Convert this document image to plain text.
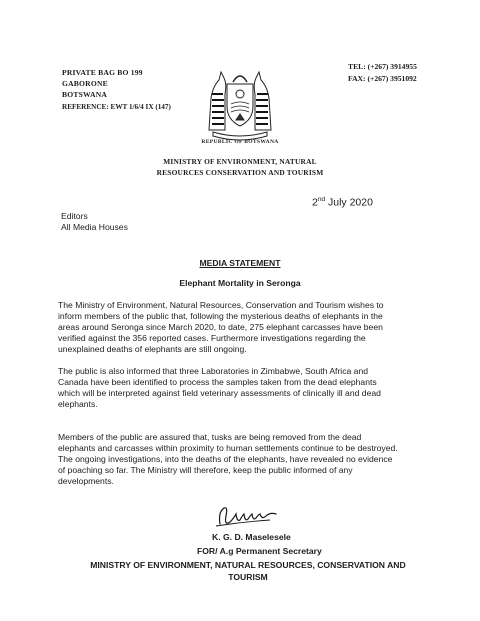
PRIVATE BAG BO 199
GABORONE
BOTSWANA
REFERENCE: EWT 1/6/4 IX (147)
TEL: (+267) 3914955
FAX: (+267) 3951092
REPUBLIC OF BOTSWANA
MINISTRY OF ENVIRONMENT, NATURAL
RESOURCES CONSERVATION AND TOURISM
2nd July 2020
Editors
All Media Houses
MEDIA STATEMENT
Elephant Mortality in Seronga
The Ministry of Environment, Natural Resources, Conservation and Tourism wishes to
inform members of the public that, following the mysterious deaths of elephants in the
areas around Seronga since March 2020, to date, 275 elephant carcasses have been
verified against the 356 reported cases. Furthermore investigations regarding the
unexplained deaths of elephants are still ongoing.
The public is also informed that three Laboratories in Zimbabwe, South Africa and
Canada have been identified to process the samples taken from the dead elephants
which will be interpreted against field veterinary assessments of clinically ill and dead
elephants.
Members of the public are assured that, tusks are being removed from the dead
elephants and carcasses within proximity to human settlements continue to be destroyed.
The ongoing investigations, into the deaths of the elephants, have revealed no evidence
of poaching so far. The Ministry will therefore, keep the public informed of any
developments.
K. G. D. Maselesele
FOR/ A.g Permanent Secretary
MINISTRY OF ENVIRONMENT, NATURAL RESOURCES, CONSERVATION AND
TOURISM
